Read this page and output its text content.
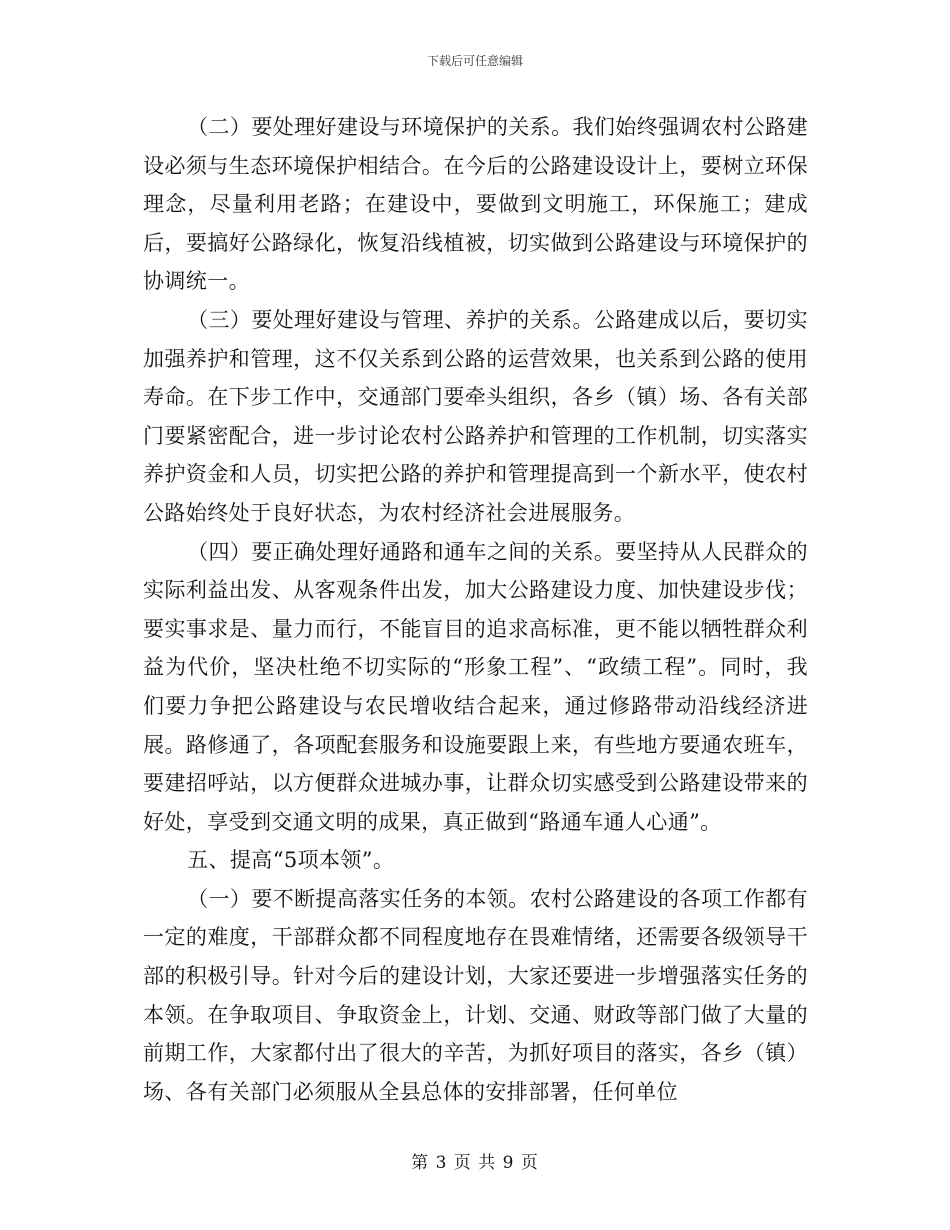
下载后可任意编辑

（二）要处理好建设与环境保护的关系。我们始终强调农村公路建设必须与生态环境保护相结合。在今后的公路建设设计上，要树立环保理念，尽量利用老路；在建设中，要做到文明施工，环保施工；建成后，要搞好公路绿化，恢复沿线植被，切实做到公路建设与环境保护的协调统一。

（三）要处理好建设与管理、养护的关系。公路建成以后，要切实加强养护和管理，这不仅关系到公路的运营效果，也关系到公路的使用寿命。在下步工作中，交通部门要牵头组织，各乡（镇）场、各有关部门要紧密配合，进一步讨论农村公路养护和管理的工作机制，切实落实养护资金和人员，切实把公路的养护和管理提高到一个新水平，使农村公路始终处于良好状态，为农村经济社会进展服务。

（四）要正确处理好通路和通车之间的关系。要坚持从人民群众的实际利益出发、从客观条件出发，加大公路建设力度、加快建设步伐；要实事求是、量力而行，不能盲目的追求高标准，更不能以牺牲群众利益为代价，坚决杜绝不切实际的“形象工程”、“政绩工程”。同时，我们要力争把公路建设与农民增收结合起来，通过修路带动沿线经济进展。路修通了，各项配套服务和设施要跟上来，有些地方要通农班车，要建招呼站，以方便群众进城办事，让群众切实感受到公路建设带来的好处，享受到交通文明的成果，真正做到“路通车通人心通”。

五、提高“5项本领”。

（一）要不断提高落实任务的本领。农村公路建设的各项工作都有一定的难度，干部群众都不同程度地存在畏难情绪，还需要各级领导干部的积极引导。针对今后的建设计划，大家还要进一步增强落实任务的本领。在争取项目、争取资金上，计划、交通、财政等部门做了大量的前期工作，大家都付出了很大的辛苦，为抓好项目的落实，各乡（镇）场、各有关部门必须服从全县总体的安排部署，任何单位

第 3 页 共 9 页
